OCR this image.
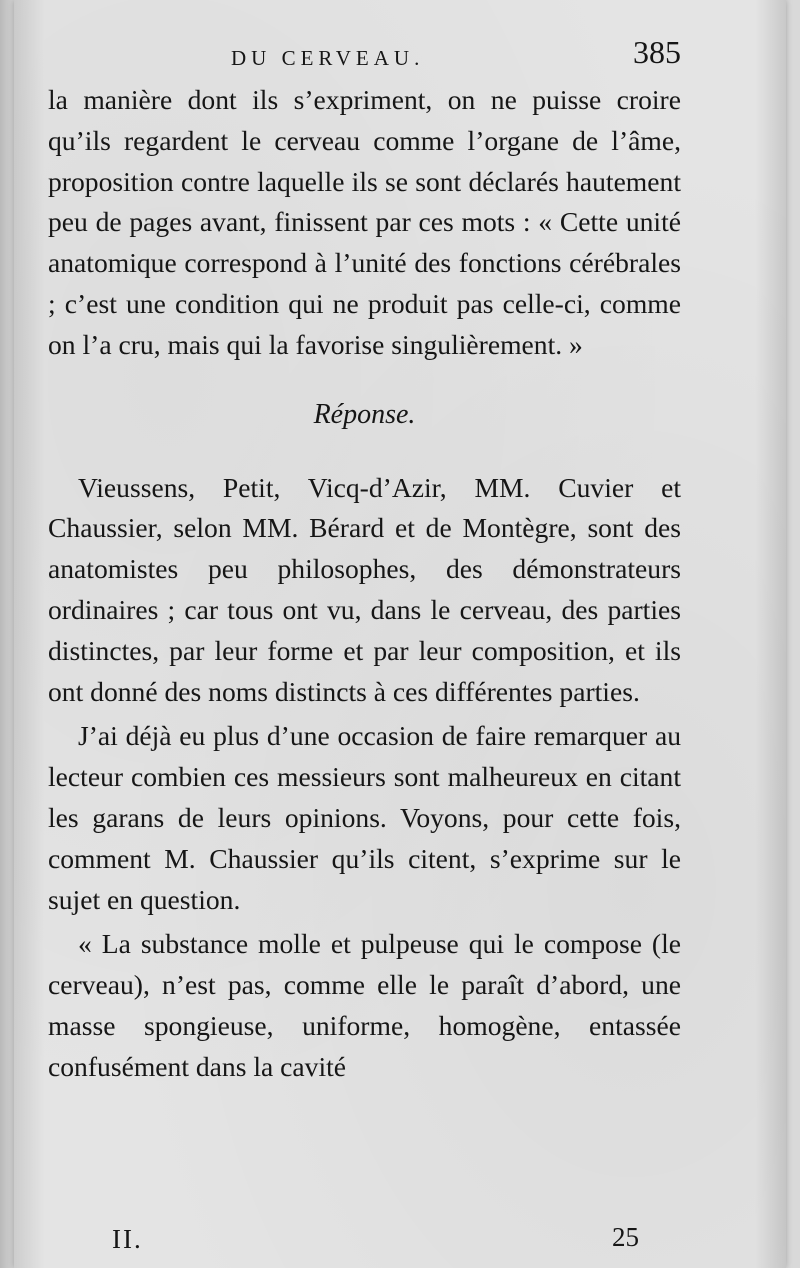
DU CERVEAU.	385

la manière dont ils s’expriment, on ne puisse croire qu’ils regardent le cerveau comme l’organe de l’âme, proposition contre laquelle ils se sont déclarés hautement peu de pages avant, finissent par ces mots : « Cette unité anatomique correspond à l’unité des fonctions cérébrales ; c’est une condition qui ne produit pas celle-ci, comme on l’a cru, mais qui la favorise singulièrement. »

Réponse.

Vieussens, Petit, Vicq-d’Azir, MM. Cuvier et Chaussier, selon MM. Bérard et de Montègre, sont des anatomistes peu philosophes, des démonstrateurs ordinaires ; car tous ont vu, dans le cerveau, des parties distinctes, par leur forme et par leur composition, et ils ont donné des noms distincts à ces différentes parties.

J’ai déjà eu plus d’une occasion de faire remarquer au lecteur combien ces messieurs sont malheureux en citant les garans de leurs opinions. Voyons, pour cette fois, comment M. Chaussier qu’ils citent, s’exprime sur le sujet en question.

« La substance molle et pulpeuse qui le compose (le cerveau), n’est pas, comme elle le paraît d’abord, une masse spongieuse, uniforme, homogène, entassée confusément dans la cavité

II.	25
